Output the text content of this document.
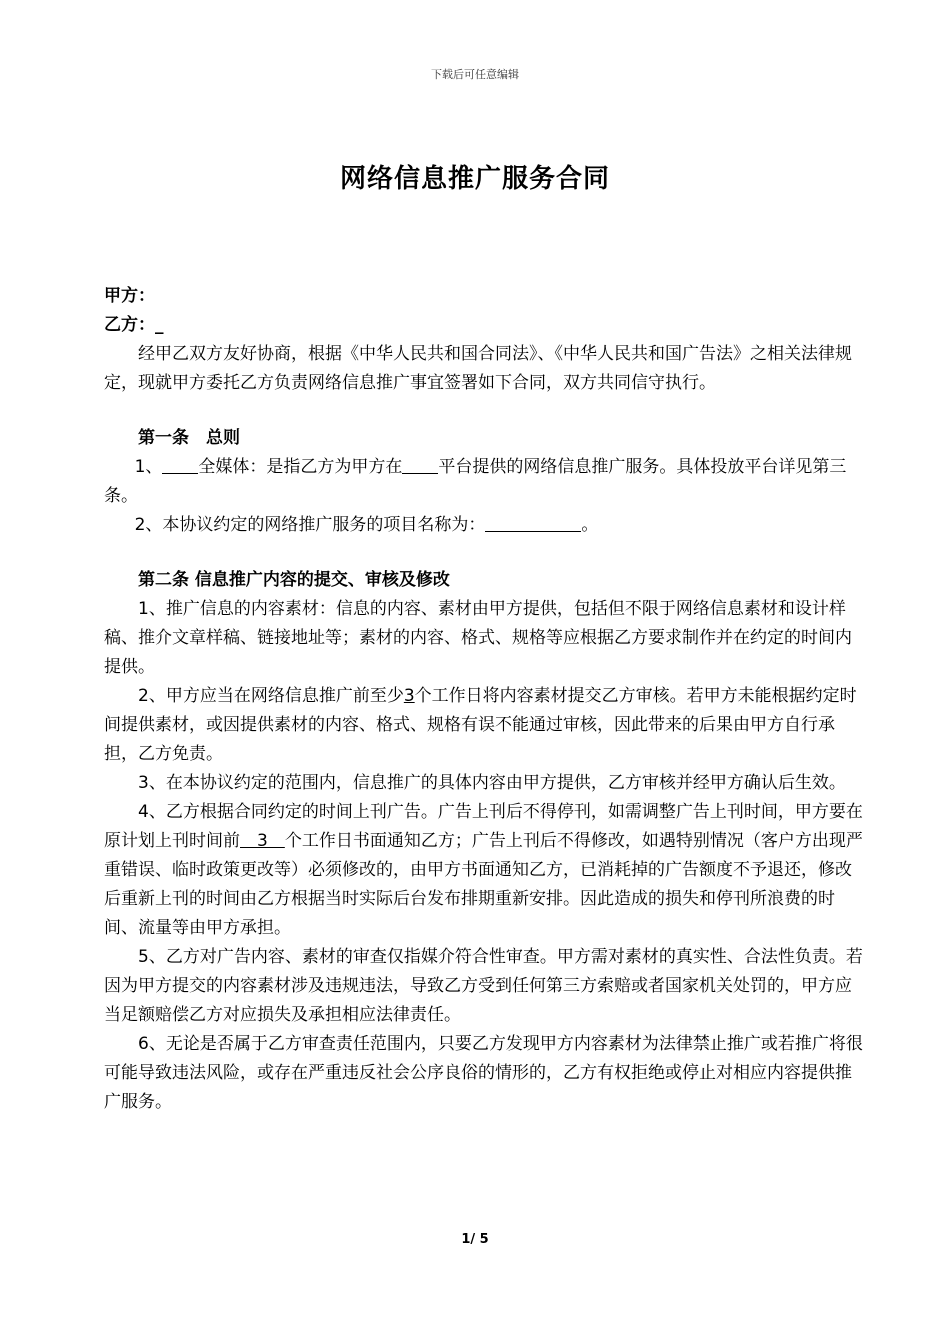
下载后可任意编辑
网络信息推广服务合同

甲方：

乙方：_

经甲乙双方友好协商，根据《中华人民共和国合同法》、《中华人民共和国广告法》之相关法律规定，现就甲方委托乙方负责网络信息推广事宜签署如下合同，双方共同信守执行。

第一条　总则

1、 全媒体：是指乙方为甲方在 平台提供的网络信息推广服务。具体投放平台详见第三条。

2、本协议约定的网络推广服务的项目名称为：	。

第二条 信息推广内容的提交、审核及修改

1、推广信息的内容素材：信息的内容、素材由甲方提供，包括但不限于网络信息素材和设计样稿、推介文章样稿、链接地址等；素材的内容、格式、规格等应根据乙方要求制作并在约定的时间内提供。

2、甲方应当在网络信息推广前至少3个工作日将内容素材提交乙方审核。若甲方未能根据约定时间提供素材，或因提供素材的内容、格式、规格有误不能通过审核，因此带来的后果由甲方自行承担，乙方免责。

3、在本协议约定的范围内，信息推广的具体内容由甲方提供，乙方审核并经甲方确认后生效。

4、乙方根据合同约定的时间上刊广告。广告上刊后不得停刊，如需调整广告上刊时间，甲方要在原计划上刊时间前　3　个工作日书面通知乙方；广告上刊后不得修改，如遇特别情况（客户方出现严重错误、临时政策更改等）必须修改的，由甲方书面通知乙方，已消耗掉的广告额度不予退还，修改后重新上刊的时间由乙方根据当时实际后台发布排期重新安排。因此造成的损失和停刊所浪费的时间、流量等由甲方承担。

5、乙方对广告内容、素材的审查仅指媒介符合性审查。甲方需对素材的真实性、合法性负责。若因为甲方提交的内容素材涉及违规违法，导致乙方受到任何第三方索赔或者国家机关处罚的，甲方应当足额赔偿乙方对应损失及承担相应法律责任。

6、无论是否属于乙方审查责任范围内，只要乙方发现甲方内容素材为法律禁止推广或若推广将很可能导致违法风险，或存在严重违反社会公序良俗的情形的，乙方有权拒绝或停止对相应内容提供推广服务。

1/ 5
